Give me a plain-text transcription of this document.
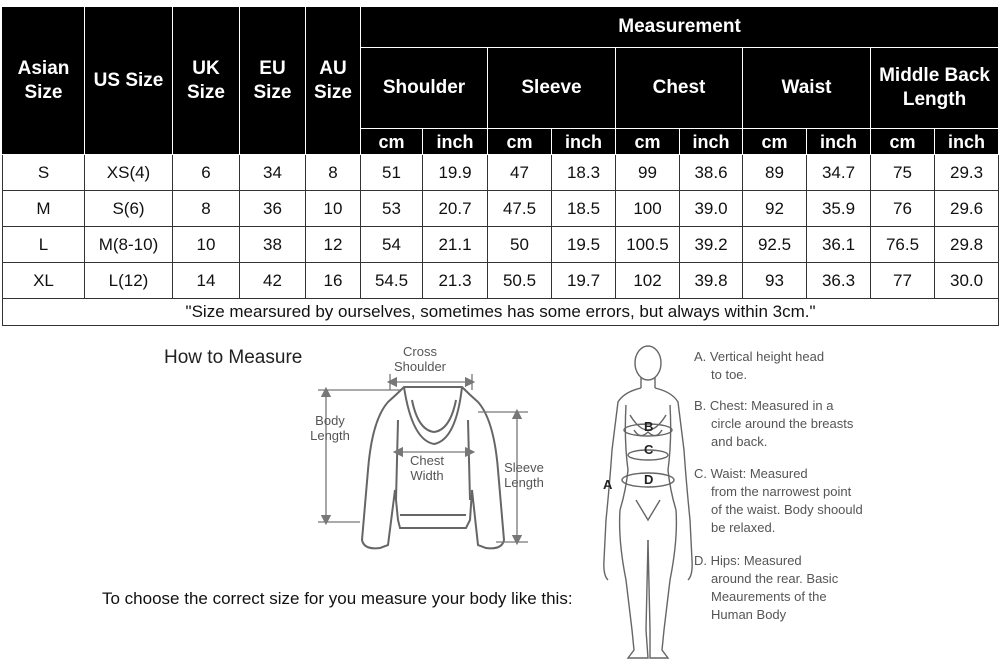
Asian Size	US Size	UK Size	EU Size	AU Size	Measurement									
					Shoulder		Sleeve		Chest		Waist		Middle Back Length	
					cm	inch	cm	inch	cm	inch	cm	inch	cm	inch
S	XS(4)	6	34	8	51	19.9	47	18.3	99	38.6	89	34.7	75	29.3
M	S(6)	8	36	10	53	20.7	47.5	18.5	100	39.0	92	35.9	76	29.6
L	M(8-10)	10	38	12	54	21.1	50	19.5	100.5	39.2	92.5	36.1	76.5	29.8
XL	L(12)	14	42	16	54.5	21.3	50.5	19.7	102	39.8	93	36.3	77	30.0
"Size mearsured by ourselves, sometimes has some errors, but always within 3cm."														
How to Measure	Cross Shoulder
Body Length
Chest Width
Sleeve Length	A
B
C
D
A. Vertical height head
to toe.
B. Chest: Measured in a
circle around the breasts and back.
C. Waist: Measured
from the narrowest point of the waist. Body shoould be relaxed.
D. Hips: Measured
around the rear. Basic Meaurements of the Human Body
To choose the correct size for you measure your body like this:
